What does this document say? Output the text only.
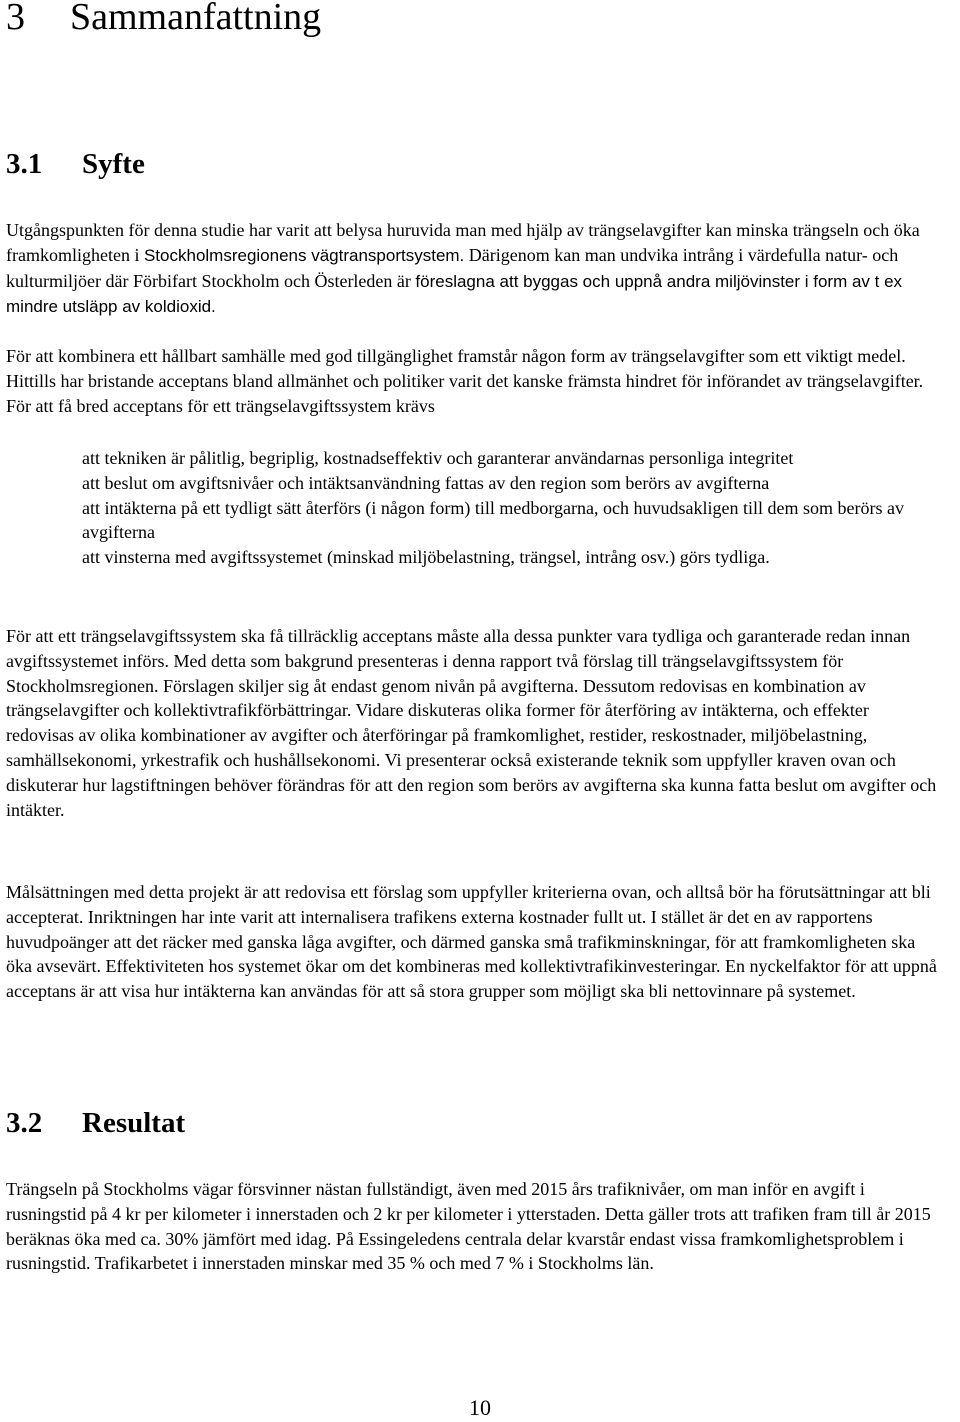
3 Sammanfattning
3.1 Syfte

Utgångspunkten för denna studie har varit att belysa huruvida man med hjälp av trängselavgifter kan minska trängseln och öka framkomligheten i Stockholmsregionens vägtransportsystem. Därigenom kan man undvika intrång i värdefulla natur- och kulturmiljöer där Förbifart Stockholm och Österleden är föreslagna att byggas och uppnå andra miljövinster i form av t ex mindre utsläpp av koldioxid.

För att kombinera ett hållbart samhälle med god tillgänglighet framstår någon form av trängselavgifter som ett viktigt medel. Hittills har bristande acceptans bland allmänhet och politiker varit det kanske främsta hindret för införandet av trängselavgifter. För att få bred acceptans för ett trängselavgiftssystem krävs

att tekniken är pålitlig, begriplig, kostnadseffektiv och garanterar användarnas personliga integritet
att beslut om avgiftsnivåer och intäktsanvändning fattas av den region som berörs av avgifterna
att intäkterna på ett tydligt sätt återförs (i någon form) till medborgarna, och huvudsakligen till dem som berörs av avgifterna
att vinsterna med avgiftssystemet (minskad miljöbelastning, trängsel, intrång osv.) görs tydliga.

För att ett trängselavgiftssystem ska få tillräcklig acceptans måste alla dessa punkter vara tydliga och garanterade redan innan avgiftssystemet införs. Med detta som bakgrund presenteras i denna rapport två förslag till trängselavgiftssystem för Stockholmsregionen. Förslagen skiljer sig åt endast genom nivån på avgifterna. Dessutom redovisas en kombination av trängselavgifter och kollektivtrafikförbättringar. Vidare diskuteras olika former för återföring av intäkterna, och effekter redovisas av olika kombinationer av avgifter och återföringar på framkomlighet, restider, reskostnader, miljöbelastning, samhällsekonomi, yrkestrafik och hushållsekonomi. Vi presenterar också existerande teknik som uppfyller kraven ovan och diskuterar hur lagstiftningen behöver förändras för att den region som berörs av avgifterna ska kunna fatta beslut om avgifter och intäkter.

Målsättningen med detta projekt är att redovisa ett förslag som uppfyller kriterierna ovan, och alltså bör ha förutsättningar att bli accepterat. Inriktningen har inte varit att internalisera trafikens externa kostnader fullt ut. I stället är det en av rapportens huvudpoänger att det räcker med ganska låga avgifter, och därmed ganska små trafikminskningar, för att framkomligheten ska öka avsevärt. Effektiviteten hos systemet ökar om det kombineras med kollektivtrafikinvesteringar. En nyckelfaktor för att uppnå acceptans är att visa hur intäkterna kan användas för att så stora grupper som möjligt ska bli nettovinnare på systemet.

3.2 Resultat

Trängseln på Stockholms vägar försvinner nästan fullständigt, även med 2015 års trafiknivåer, om man inför en avgift i rusningstid på 4 kr per kilometer i innerstaden och 2 kr per kilometer i ytterstaden. Detta gäller trots att trafiken fram till år 2015 beräknas öka med ca. 30% jämfört med idag. På Essingeledens centrala delar kvarstår endast vissa framkomlighetsproblem i rusningstid. Trafikarbetet i innerstaden minskar med 35 % och med 7 % i Stockholms län.

10
